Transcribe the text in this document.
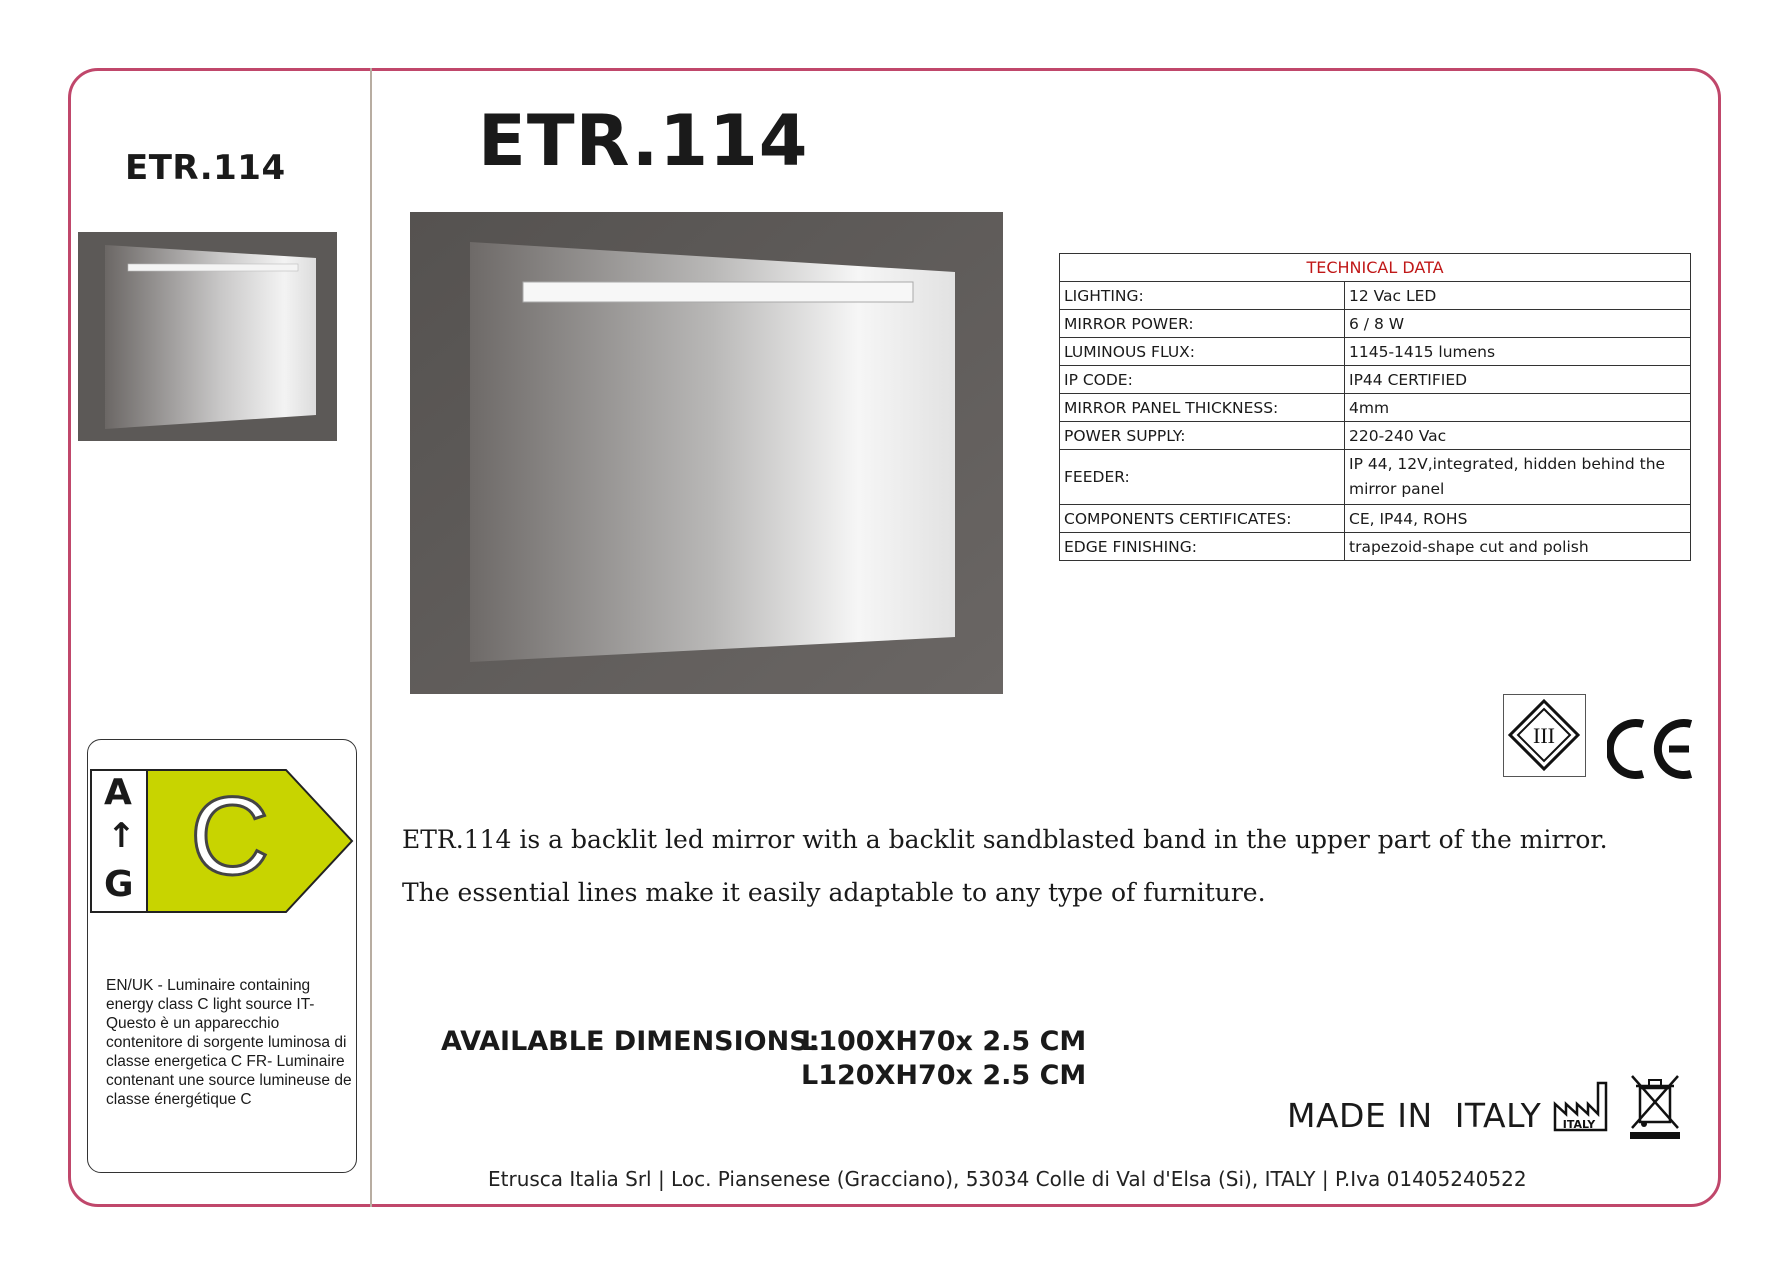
ETR.114	ETR.114
TECHNICAL DATA	
LIGHTING:	12 Vac LED
MIRROR POWER:	6 / 8 W
LUMINOUS FLUX:	1145-1415 lumens
IP CODE:	IP44 CERTIFIED
MIRROR PANEL THICKNESS:	4mm
POWER SUPPLY:	220-240 Vac
FEEDER:	IP 44, 12V,integrated, hidden behind the mirror panel
COMPONENTS CERTIFICATES:	CE, IP44, ROHS
EDGE FINISHING:	trapezoid-shape cut and polish
III
A
↑
G C
EN/UK - Luminaire containing energy class C light source IT- Questo è un apparecchio contenitore di sorgente luminosa di classe energetica C FR- Luminaire contenant une source lumineuse de classe énergétique C
ETR.114 is a backlit led mirror with a backlit sandblasted band in the upper part of the mirror.
The essential lines make it easily adaptable to any type of furniture.
AVAILABLE DIMENSIONS:
L100XH70x 2.5 CM
L120XH70x 2.5 CM
MADE IN  ITALY ITALY
Etrusca Italia Srl | Loc. Piansenese (Gracciano), 53034 Colle di Val d'Elsa (Si), ITALY | P.Iva 01405240522
